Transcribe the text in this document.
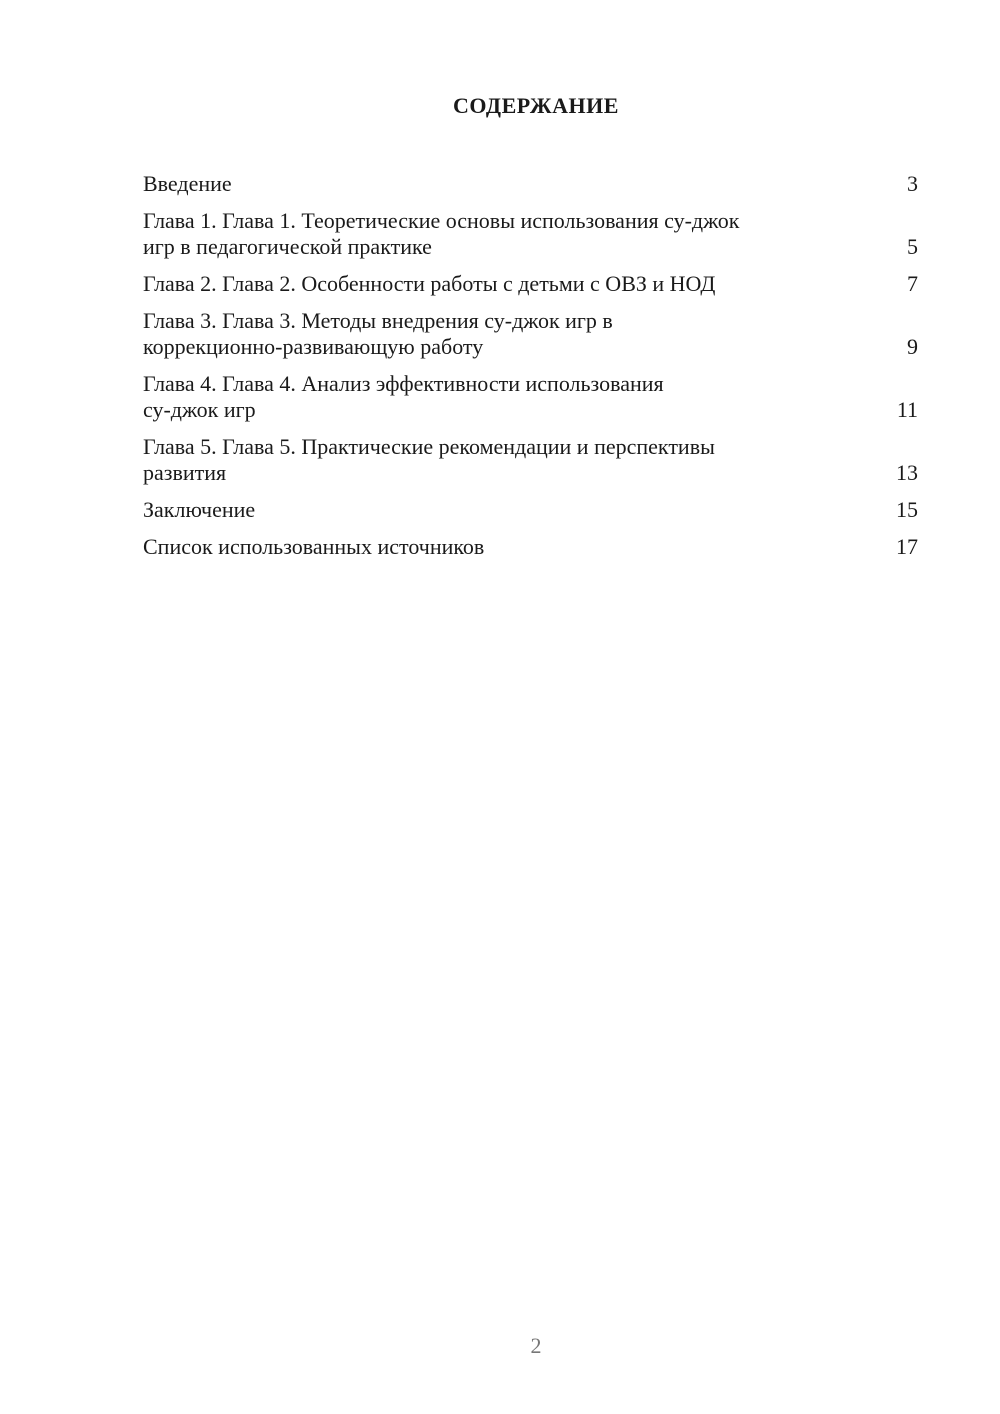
СОДЕРЖАНИЕ
Введение	3
Глава 1. Глава 1. Теоретические основы использования су-джок
игр в педагогической практике	5
Глава 2. Глава 2. Особенности работы с детьми с ОВЗ и НОД	7
Глава 3. Глава 3. Методы внедрения су-джок игр в
коррекционно-развивающую работу	9
Глава 4. Глава 4. Анализ эффективности использования
су-джок игр	11
Глава 5. Глава 5. Практические рекомендации и перспективы
развития	13
Заключение	15
Список использованных источников	17
2
